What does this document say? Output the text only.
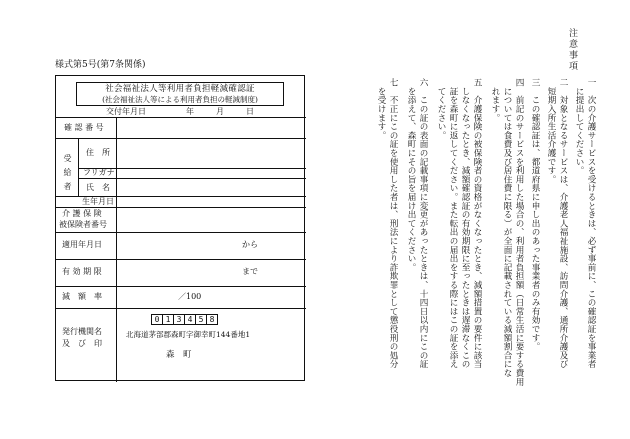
様式第5号(第7条関係)
社会福祉法人等利用者負担軽減確認証
(社会福祉法人等による利用者負担の軽減制度)
交付年月日	年	月	日
確 認 番 号
受給者
住　所
フリガナ
氏　名
生年月日
介 護 保 険
被保険者番号
適用年月日	から
有 効 期 限	まで
減　額　率	／100
発行機関名
及　び　印
0 1 3 4 5 8
北海道茅部郡森町字御幸町144番地1
森　町
注意事項
一　次の介護サービスを受けるときは、必ず事前に、この確認証を事業者
　に提出してください。
二　対象となるサービスは、介護老人福祉施設、訪問介護、通所介護及び
　短期入所生活介護です。
三　この確認証は、都道府県に申し出のあった事業者のみ有効です。
四　前記のサービスを利用した場合の、利用者負担額（日常生活に要する費用
　については食費及び居住費に限る）が全面に記載されている減額割合にな
　れます。
五　介護保険の被保険者の資格がなくなったとき、減額措置の要件に該当
　しなくなったとき、減額確認証の有効期限に至ったときは遅滞なくこの
　証を森町に返してください。また転出の届出をする際にはこの証を添え
　てください。
六　この証の表面の記載事項に変更があったときは、十四日以内にこの証
　を添えて、森町にその旨を届け出てください。
七　不正にこの証を使用した者は、刑法により詐欺罪として懲役刑の処分
　を受けます。
